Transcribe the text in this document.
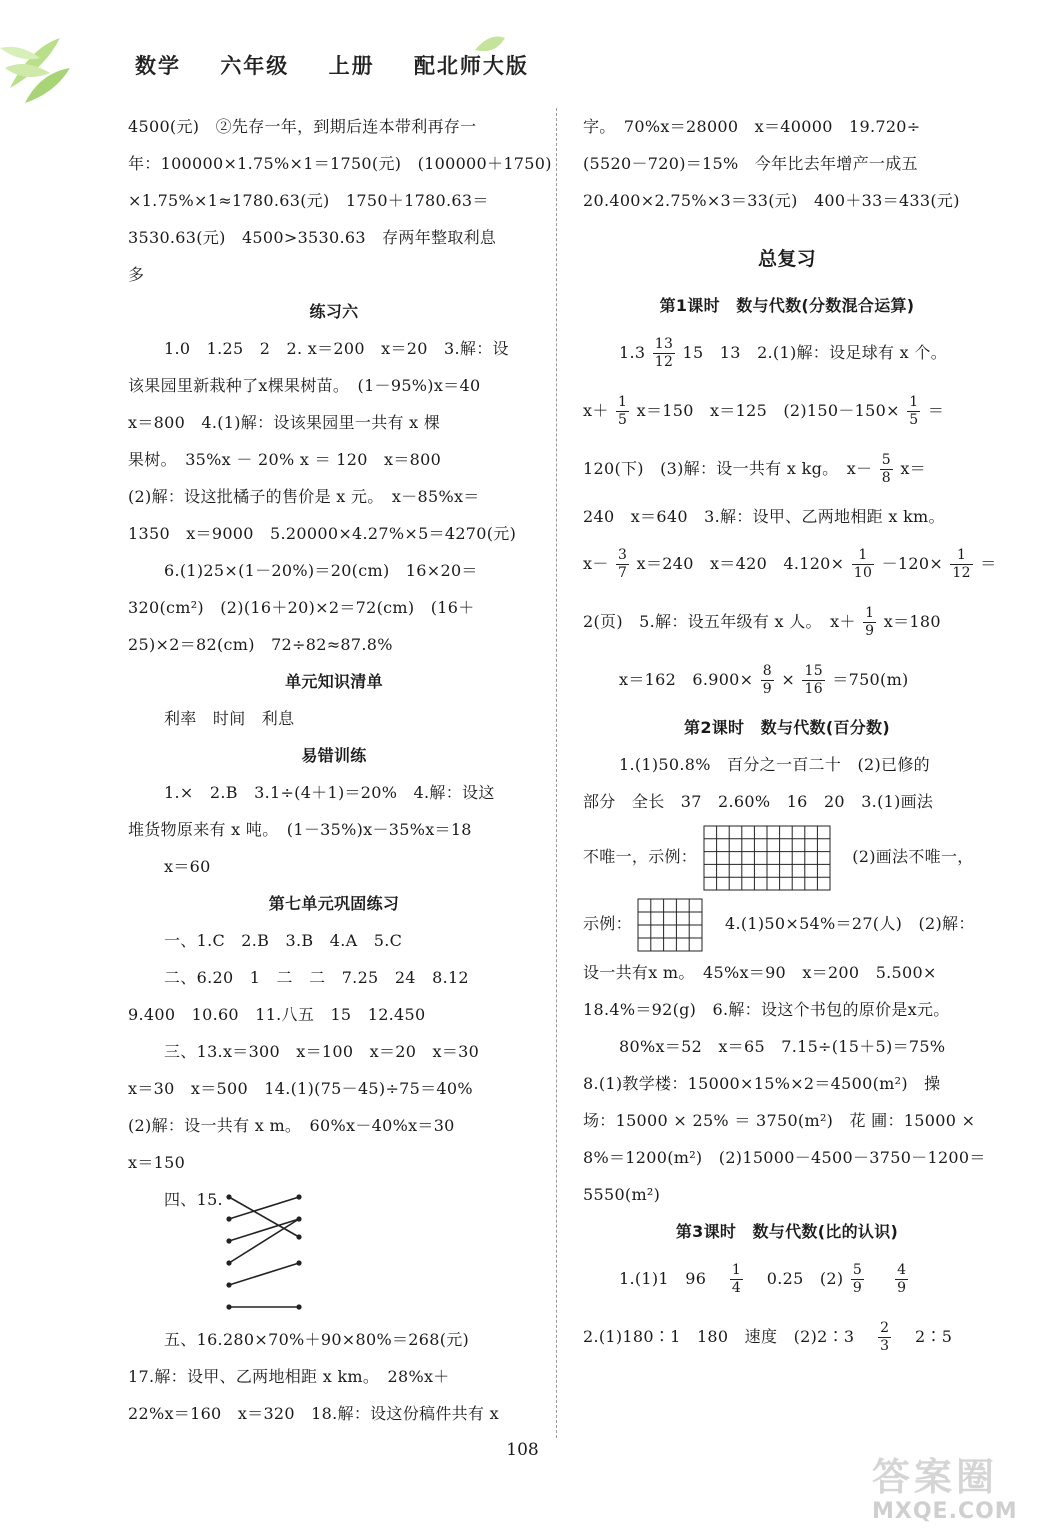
数学 六年级 上册 配北师大版
4500(元)　②先存一年，到期后连本带利再存一
年：100000×1.75%×1＝1750(元)　(100000＋1750)
×1.75%×1≈1780.63(元)　1750＋1780.63＝
3530.63(元)　4500>3530.63　存两年整取利息
多
练习六
1.0　1.25　2　2. x＝200　x＝20　3.解：设
该果园里新栽种了x棵果树苗。　(1－95%)x＝40
x＝800　4.(1)解：设该果园里一共有 x 棵
果树。　35%x － 20% x ＝ 120　x＝800
(2)解：设这批橘子的售价是 x 元。　x－85%x＝
1350　x＝9000　5.20000×4.27%×5＝4270(元)
6.(1)25×(1－20%)＝20(cm)　16×20＝
320(cm²)　(2)(16＋20)×2＝72(cm)　(16＋
25)×2＝82(cm)　72÷82≈87.8%
单元知识清单
利率　时间　利息
易错训练
1.×　2.B　3.1÷(4＋1)＝20%　4.解：设这
堆货物原来有 x 吨。　(1－35%)x－35%x＝18
x＝60
第七单元巩固练习
一、1.C　2.B　3.B　4.A　5.C
二、6.20　1　二　二　7.25　24　8.12
9.400　10.60　11.八五　15　12.450
三、13.x＝300　x＝100　x＝20　x＝30
x＝30　x＝500　14.(1)(75－45)÷75＝40%
(2)解：设一共有 x m。　60%x－40%x＝30
x＝150
四、15.
五、16.280×70%＋90×80%＝268(元)
17.解：设甲、乙两地相距 x km。　28%x＋
22%x＝160　x＝320　18.解：设这份稿件共有 x
字。　70%x＝28000　x＝40000　19.720÷
(5520－720)＝15%　今年比去年增产一成五
20.400×2.75%×3＝33(元)　400＋33＝433(元)
总复习
第1课时　数与代数(分数混合运算)
$1.3 \frac{13}{12} 15$　13　2.(1)解：设足球有 x 个。
$x+ \frac{1}{5} x=150$　x＝125　$(2)150-150\times \frac{1}{5}$ ＝
120(下)　(3)解：设一共有 x kg。　$x- \frac{5}{8} x=$
240　x＝640　3.解：设甲、乙两地相距 x km。
$x- \frac{3}{7} x=240$　x＝420　$4.120\times \frac{1}{10} -120\times \frac{1}{12}$ ＝
2(页)　5.解：设五年级有 x 人。　$x+ \frac{1}{9} x=180$
x＝162　$6.900\times \frac{8}{9} \times \frac{15}{16} =750(m)$
第2课时　数与代数(百分数)
1.(1)50.8%　百分之一百二十　(2)已修的
部分　全长　37　2.60%　16　20　3.(1)画法
不唯一，示例：	　(2)画法不唯一，
示例：	　4.(1)50×54%＝27(人)　(2)解：
设一共有x m。　45%x＝90　x＝200　5.500×
18.4%＝92(g)　6.解：设这个书包的原价是x元。
80%x＝52　x＝65　7.15÷(15＋5)＝75%
8.(1)教学楼：15000×15%×2＝4500(m²)　操
场：15000 × 25% ＝ 3750(m²)　花 圃：15000 ×
8%＝1200(m²)　(2)15000－4500－3750－1200＝
5550(m²)
第3课时　数与代数(比的认识)
1.(1)1　96　 $\frac{1}{4}$ 　0.25　$(2) \frac{5}{9}$
　 $\frac{4}{9}$
2.(1)180∶1　180　速度　(2)2∶3　 $\frac{2}{3}$ 　2∶5
108
答案圈
MXQE.COM
